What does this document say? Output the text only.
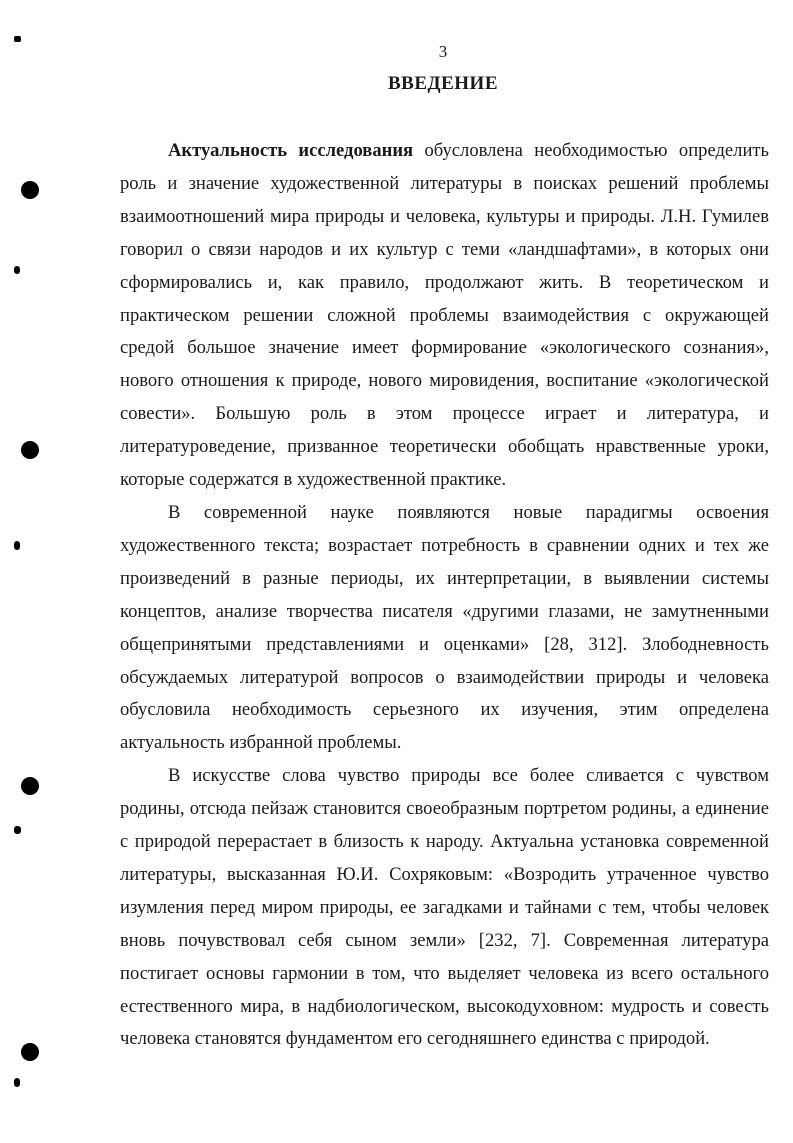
3
ВВЕДЕНИЕ

Актуальность исследования обусловлена необходимостью определить роль и значение художественной литературы в поисках решений проблемы взаимоотношений мира природы и человека, культуры и природы. Л.Н. Гумилев говорил о связи народов и их культур с теми «ландшафтами», в которых они сформировались и, как правило, продолжают жить. В теоретическом и практическом решении сложной проблемы взаимодействия с окружающей средой большое значение имеет формирование «экологического сознания», нового отношения к природе, нового мировидения, воспитание «экологической совести». Большую роль в этом процессе играет и литература, и литературоведение, призванное теоретически обобщать нравственные уроки, которые содержатся в художественной практике.

В современной науке появляются новые парадигмы освоения художественного текста; возрастает потребность в сравнении одних и тех же произведений в разные периоды, их интерпретации, в выявлении системы концептов, анализе творчества писателя «другими глазами, не замутненными общепринятыми представлениями и оценками» [28, 312]. Злободневность обсуждаемых литературой вопросов о взаимодействии природы и человека обусловила необходимость серьезного их изучения, этим определена актуальность избранной проблемы.

В искусстве слова чувство природы все более сливается с чувством родины, отсюда пейзаж становится своеобразным портретом родины, а единение с природой перерастает в близость к народу. Актуальна установка современной литературы, высказанная Ю.И. Сохряковым: «Возродить утраченное чувство изумления перед миром природы, ее загадками и тайнами с тем, чтобы человек вновь почувствовал себя сыном земли» [232, 7]. Современная литература постигает основы гармонии в том, что выделяет человека из всего остального естественного мира, в надбиологическом, высокодуховном: мудрость и совесть человека становятся фундаментом его сегодняшнего единства с природой.
